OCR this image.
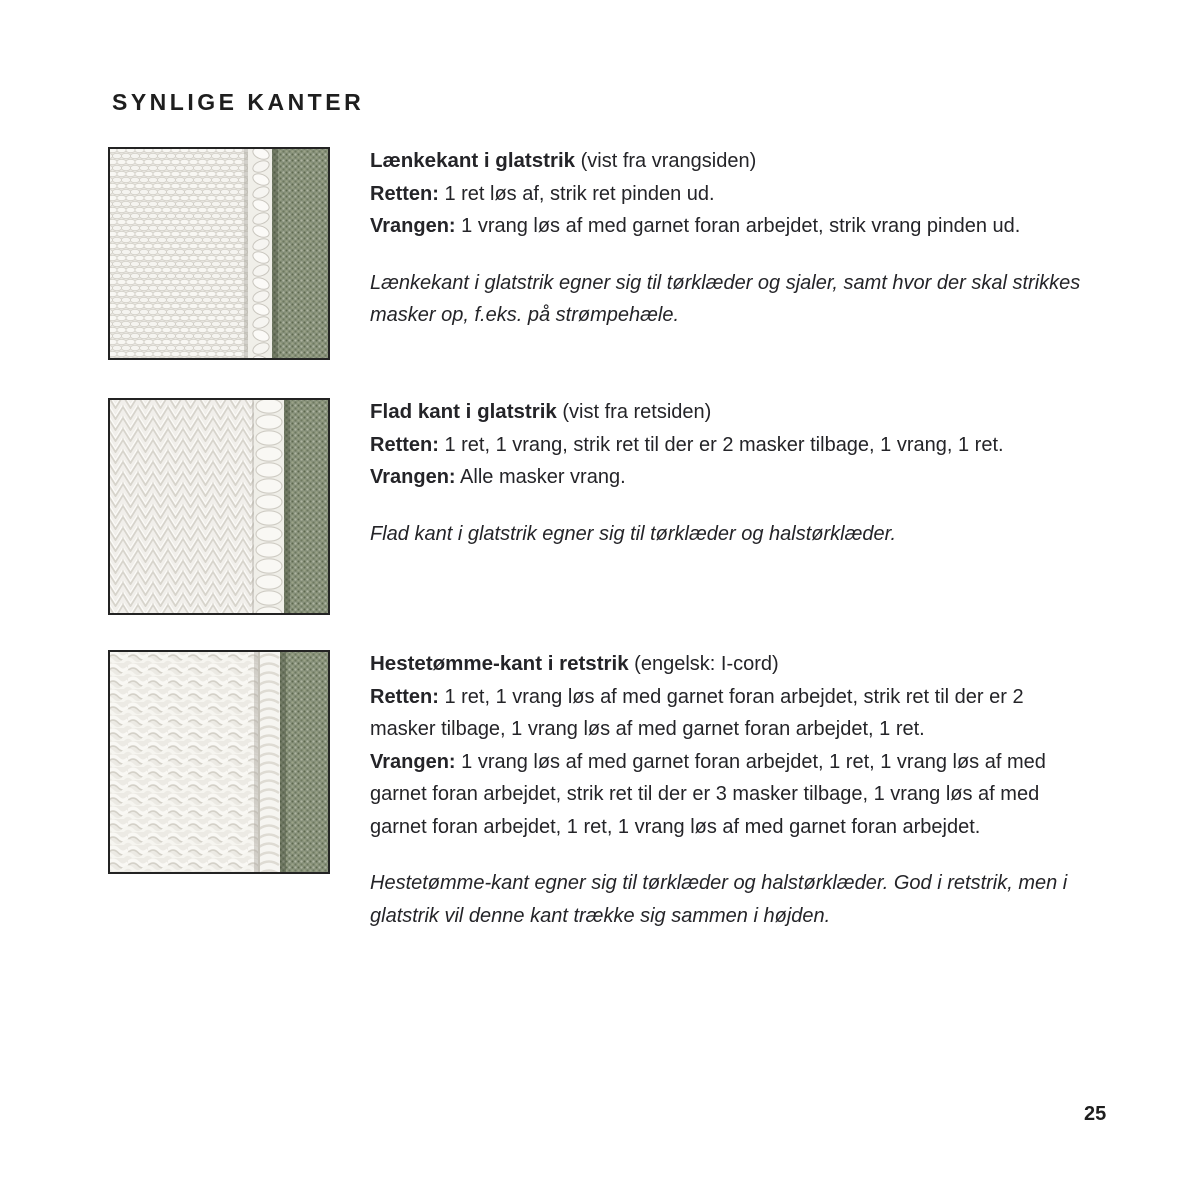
SYNLIGE KANTER

Lænkekant i glatstrik (vist fra vrangsiden)

Retten: 1 ret løs af, strik ret pinden ud.

Vrangen: 1 vrang løs af med garnet foran arbejdet, strik vrang pinden ud.

Lænkekant i glatstrik egner sig til tørklæder og sjaler, samt hvor der skal strikkes masker op, f.eks. på strømpehæle.

Flad kant i glatstrik (vist fra retsiden)

Retten: 1 ret, 1 vrang, strik ret til der er 2 masker tilbage, 1 vrang, 1 ret.

Vrangen: Alle masker vrang.

Flad kant i glatstrik egner sig til tørklæder og halstørklæder.

Hestetømme-kant i retstrik (engelsk: I-cord)

Retten: 1 ret, 1 vrang løs af med garnet foran arbejdet, strik ret til der er 2 masker tilbage, 1 vrang løs af med garnet foran arbejdet, 1 ret.

Vrangen: 1 vrang løs af med garnet foran arbejdet, 1 ret, 1 vrang løs af med garnet foran arbejdet, strik ret til der er 3 masker tilbage, 1 vrang løs af med garnet foran arbejdet, 1 ret, 1 vrang løs af med garnet foran arbejdet.

Hestetømme-kant egner sig til tørklæder og halstørklæder. God i retstrik, men i glatstrik vil denne kant trække sig sammen i højden.

25
